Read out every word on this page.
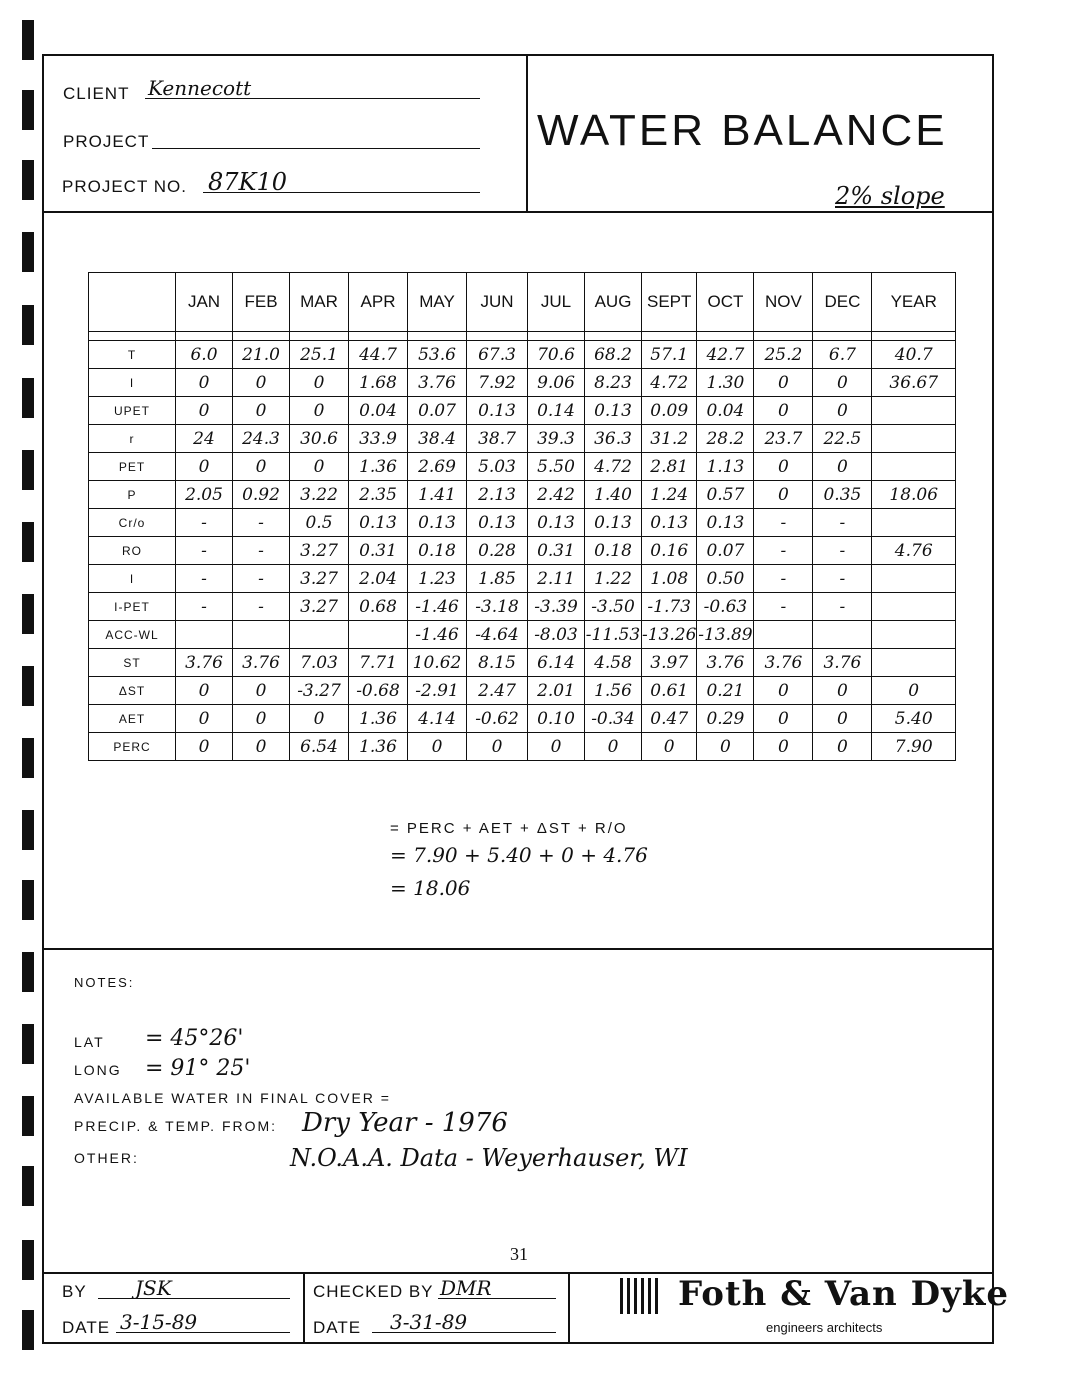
CLIENT Kennecott
PROJECT
PROJECT NO. 87K10
WATER BALANCE
2% slope
	JAN	FEB	MAR	APR	MAY	JUN	JUL	AUG	SEPT	OCT	NOV	DEC	YEAR

T	6.0	21.0	25.1	44.7	53.6	67.3	70.6	68.2	57.1	42.7	25.2	6.7	40.7
I	0	0	0	1.68	3.76	7.92	9.06	8.23	4.72	1.30	0	0	36.67
UPET	0	0	0	0.04	0.07	0.13	0.14	0.13	0.09	0.04	0	0	
r	24	24.3	30.6	33.9	38.4	38.7	39.3	36.3	31.2	28.2	23.7	22.5	
PET	0	0	0	1.36	2.69	5.03	5.50	4.72	2.81	1.13	0	0	
P	2.05	0.92	3.22	2.35	1.41	2.13	2.42	1.40	1.24	0.57	0	0.35	18.06
Cr/o	-	-	0.5	0.13	0.13	0.13	0.13	0.13	0.13	0.13	-	-	
RO	-	-	3.27	0.31	0.18	0.28	0.31	0.18	0.16	0.07	-	-	4.76
I	-	-	3.27	2.04	1.23	1.85	2.11	1.22	1.08	0.50	-	-	
I-PET	-	-	3.27	0.68	-1.46	-3.18	-3.39	-3.50	-1.73	-0.63	-	-	
ACC-WL					-1.46	-4.64	-8.03	-11.53	-13.26	-13.89			
ST	3.76	3.76	7.03	7.71	10.62	8.15	6.14	4.58	3.97	3.76	3.76	3.76	
ΔST	0	0	-3.27	-0.68	-2.91	2.47	2.01	1.56	0.61	0.21	0	0	0
AET	0	0	0	1.36	4.14	-0.62	0.10	-0.34	0.47	0.29	0	0	5.40
PERC	0	0	6.54	1.36	0	0	0	0	0	0	0	0	7.90
= PERC + AET + ΔST + R/O
= 7.90 + 5.40 + 0 + 4.76
= 18.06
NOTES:
LAT = 45°26'
LONG = 91° 25'
AVAILABLE WATER IN FINAL COVER =
PRECIP. & TEMP. FROM: Dry Year - 1976
OTHER:	N.O.A.A. Data - Weyerhauser, WI
31
BY JSK
DATE 3-15-89
CHECKED BY DMR
DATE 3-31-89
Foth & Van Dyke
engineers architects
